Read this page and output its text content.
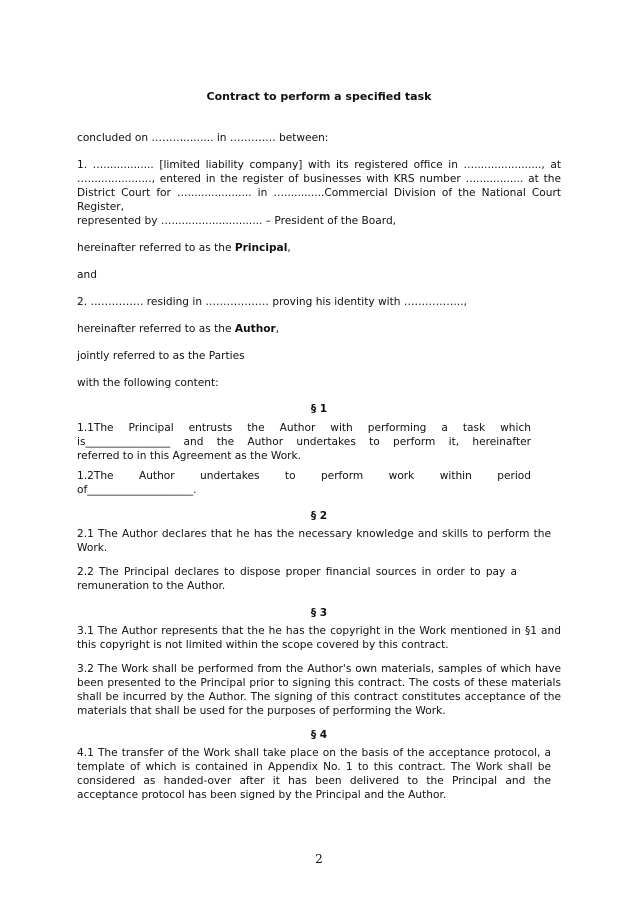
Contract to perform a specified task

concluded on ………......... in …………. between:

1. …............... [limited liability company] with its registered office in …...................., at

…..................., entered in the register of businesses with KRS number ….............. at the

District Court for …................... in …............Commercial Division of the National Court

Register,

represented by …........................... – President of the Board,

hereinafter referred to as the Principal,

and

2. …………… residing in ……………… proving his identity with ……………..,

hereinafter referred to as the Author,

jointly referred to as the Parties

with the following content:

§ 1

1.1The Principal entrusts the Author with performing a task which
is________________ and the Author undertakes to perform it, hereinafter
referred to in this Agreement as the Work.

1.2The Author undertakes to perform work within period
of____________________.

§ 2

2.1 The Author declares that he has the necessary knowledge and skills to perform the Work.

2.2 The Principal declares to dispose proper financial sources in order to pay a remuneration to the Author.

§ 3

3.1 The Author represents that the he has the copyright in the Work mentioned in §1 and this copyright is not limited within the scope covered by this contract.

3.2 The Work shall be performed from the Author's own materials, samples of which have been presented to the Principal prior to signing this contract. The costs of these materials shall be incurred by the Author. The signing of this contract constitutes acceptance of the materials that shall be used for the purposes of performing the Work.

§ 4

4.1 The transfer of the Work shall take place on the basis of the acceptance protocol, a template of which is contained in Appendix No. 1 to this contract. The Work shall be considered as handed-over after it has been delivered to the Principal and the acceptance protocol has been signed by the Principal and the Author.

2
